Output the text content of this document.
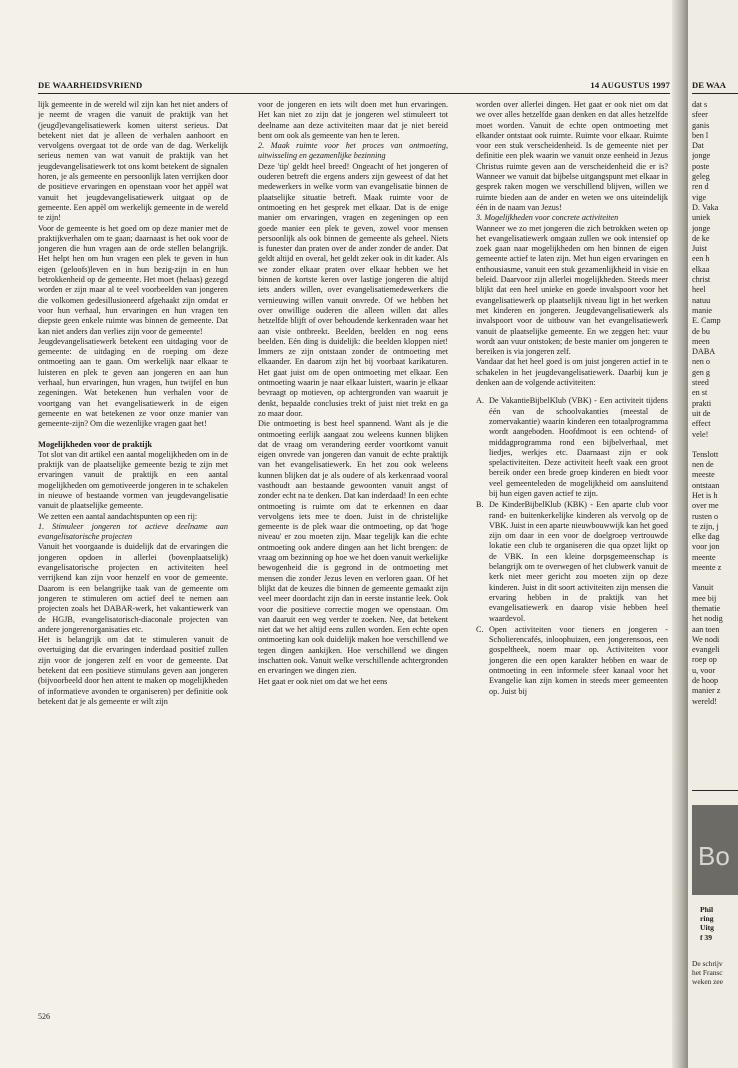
DE WAARHEIDSVRIEND	14 AUGUSTUS 1997

lijk gemeente in de wereld wil zijn kan het niet anders of je neemt de vragen die vanuit de praktijk van het (jeugd)evangelisatiewerk komen uiterst serieus. Dat betekent niet dat je alleen de verhalen aanhoort en vervolgens overgaat tot de orde van de dag. Werkelijk serieus nemen van wat vanuit de praktijk van het jeugdevangelisatiewerk tot ons komt betekent de signalen horen, je als gemeente en persoonlijk laten verrijken door de positieve ervaringen en openstaan voor het appèl wat vanuit het jeugdevangelisatiewerk uitgaat op de gemeente. Een appèl om werkelijk gemeente in de wereld te zijn!

Voor de gemeente is het goed om op deze manier met de praktijkverhalen om te gaan; daarnaast is het ook voor de jongeren die hun vragen aan de orde stellen belangrijk. Het helpt hen om hun vragen een plek te geven in hun eigen (geloofs)leven en in hun bezig-zijn in en hun betrokkenheid op de gemeente. Het moet (helaas) gezegd worden er zijn maar al te veel voorbeelden van jongeren die volkomen gedesillusioneerd afgehaakt zijn omdat er voor hun verhaal, hun ervaringen en hun vragen ten diepste geen enkele ruimte was binnen de gemeente. Dat kan niet anders dan verlies zijn voor de gemeente!

Jeugdevangelisatiewerk betekent een uitdaging voor de gemeente: de uitdaging en de roeping om deze ontmoeting aan te gaan. Om werkelijk naar elkaar te luisteren en plek te geven aan jongeren en aan hun verhaal, hun ervaringen, hun vragen, hun twijfel en hun zegeningen. Wat betekenen hun verhalen voor de voortgang van het evangelisatiewerk in de eigen gemeente en wat betekenen ze voor onze manier van gemeente-zijn? Om die wezenlijke vragen gaat het!

Mogelijkheden voor de praktijk

Tot slot van dit artikel een aantal mogelijkheden om in de praktijk van de plaatselijke gemeente bezig te zijn met ervaringen vanuit de praktijk en een aantal mogelijkheden om gemotiveerde jongeren in te schakelen in nieuwe of bestaande vormen van jeugdevangelisatie vanuit de plaatselijke gemeente.

We zetten een aantal aandachtspunten op een rij:

1. Stimuleer jongeren tot actieve deelname aan evangelisatorische projecten

Vanuit het voorgaande is duidelijk dat de ervaringen die jongeren opdoen in allerlei (bovenplaatselijk) evangelisatorische projecten en activiteiten heel verrijkend kan zijn voor henzelf en voor de gemeente. Daarom is een belangrijke taak van de gemeente om jongeren te stimuleren om actief deel te nemen aan projecten zoals het DABAR-werk, het vakantiewerk van de HGJB, evangelisatorisch-diaconale projecten van andere jongerenorganisaties etc.

Het is belangrijk om dat te stimuleren vanuit de overtuiging dat die ervaringen inderdaad positief zullen zijn voor de jongeren zelf en voor de gemeente. Dat betekent dat een positieve stimulans geven aan jongeren (bijvoorbeeld door hen attent te maken op mogelijkheden of informatieve avonden te organiseren) per definitie ook betekent dat je als gemeente er wilt zijn

voor de jongeren en iets wilt doen met hun ervaringen. Het kan niet zo zijn dat je jongeren wel stimuleert tot deelname aan deze activiteiten maar dat je niet bereid bent om ook als gemeente van hen te leren.

2. Maak ruimte voor het proces van ontmoeting, uitwisseling en gezamenlijke bezinning

Deze 'tip' geldt heel breed! Ongeacht of het jongeren of ouderen betreft die ergens anders zijn geweest of dat het medewerkers in welke vorm van evangelisatie binnen de plaatselijke situatie betreft. Maak ruimte voor de ontmoeting en het gesprek met elkaar. Dat is de enige manier om ervaringen, vragen en zegeningen op een goede manier een plek te geven, zowel voor mensen persoonlijk als ook binnen de gemeente als geheel. Niets is funester dan praten over de ander zonder de ander. Dat geldt altijd en overal, het geldt zeker ook in dit kader. Als we zonder elkaar praten over elkaar hebben we het binnen de kortste keren over lastige jongeren die altijd iets anders willen, over evangelisatiemedewerkers die vernieuwing willen vanuit onvrede. Of we hebben het over onwillige ouderen die alleen willen dat alles hetzelfde blijft of over behoudende kerkenraden waar het aan visie ontbreekt. Beelden, beelden en nog eens beelden. Eén ding is duidelijk: die beelden kloppen niet! Immers ze zijn ontstaan zonder de ontmoeting met elkaander. En daarom zijn het bij voorbaat karikaturen. Het gaat juist om de open ontmoeting met elkaar. Een ontmoeting waarin je naar elkaar luistert, waarin je elkaar bevraagt op motieven, op achtergronden van waaruit je denkt, bepaalde conclusies trekt of juist niet trekt en ga zo maar door.

Die ontmoeting is best heel spannend. Want als je die ontmoeting eerlijk aangaat zou weleens kunnen blijken dat de vraag om verandering eerder voortkomt vanuit eigen onvrede van jongeren dan vanuit de echte praktijk van het evangelisatiewerk. En het zou ook weleens kunnen blijken dat je als oudere of als kerkenraad vooral vasthoudt aan bestaande gewoonten vanuit angst of zonder echt na te denken. Dat kan inderdaad! In een echte ontmoeting is ruimte om dat te erkennen en daar vervolgens iets mee te doen. Juist in de christelijke gemeente is de plek waar die ontmoeting, op dat 'hoge niveau' er zou moeten zijn. Maar tegelijk kan die echte ontmoeting ook andere dingen aan het licht brengen: de vraag om bezinning op hoe we het doen vanuit werkelijke bewogenheid die is gegrond in de ontmoeting met mensen die zonder Jezus leven en verloren gaan. Of het blijkt dat de keuzes die binnen de gemeente gemaakt zijn veel meer doordacht zijn dan in eerste instantie leek. Ook voor die positieve correctie mogen we openstaan. Om van daaruit een weg verder te zoeken. Nee, dat betekent niet dat we het altijd eens zullen worden. Een echte open ontmoeting kan ook duidelijk maken hoe verschillend we tegen dingen aankijken. Hoe verschillend we dingen inschatten ook. Vanuit welke verschillende achtergronden en ervaringen we dingen zien.

Het gaat er ook niet om dat we het eens

worden over allerlei dingen. Het gaat er ook niet om dat we over alles hetzelfde gaan denken en dat alles hetzelfde moet worden. Vanuit de echte open ontmoeting met elkander ontstaat ook ruimte. Ruimte voor elkaar. Ruimte voor een stuk verscheidenheid. Is de gemeente niet per definitie een plek waarin we vanuit onze eenheid in Jezus Christus ruimte geven aan de verscheidenheid die er is? Wanneer we vanuit dat bijbelse uitgangspunt met elkaar in gesprek raken mogen we verschillend blijven, willen we ruimte bieden aan de ander en weten we ons uiteindelijk één in de naam van Jezus!

3. Mogelijkheden voor concrete activiteiten

Wanneer we zo met jongeren die zich betrokken weten op het evangelisatiewerk omgaan zullen we ook intensief op zoek gaan naar mogelijkheden om hen binnen de eigen gemeente actief te laten zijn. Met hun eigen ervaringen en enthousiasme, vanuit een stuk gezamenlijkheid in visie en beleid. Daarvoor zijn allerlei mogelijkheden. Steeds meer blijkt dat een heel unieke en goede invalspoort voor het evangelisatiewerk op plaatselijk niveau ligt in het werken met kinderen en jongeren. Jeugdevangelisatiewerk als invalspoort voor de uitbouw van het evangelisatiewerk vanuit de plaatselijke gemeente. En we zeggen het: vuur wordt aan vuur ontstoken; de beste manier om jongeren te bereiken is via jongeren zelf.

Vandaar dat het heel goed is om juist jongeren actief in te schakelen in het jeugdevangelisatiewerk. Daarbij kun je denken aan de volgende activiteiten:

A. De VakantieBijbelKlub (VBK) - Een activiteit tijdens één van de schoolvakanties (meestal de zomervakantie) waarin kinderen een totaalprogramma wordt aangeboden. Hoofdmoot is een ochtend- of middagprogramma rond een bijbelverhaal, met liedjes, werkjes etc. Daarnaast zijn er ook spelactiviteiten. Deze activiteit heeft vaak een groot bereik onder een brede groep kinderen en biedt voor veel gemeenteleden de mogelijkheid om aansluitend bij hun eigen gaven actief te zijn.
B. De KinderBijbelKlub (KBK) - Een aparte club voor rand- en buitenkerkelijke kinderen als vervolg op de VBK. Juist in een aparte nieuwbouwwijk kan het goed zijn om daar in een voor de doelgroep vertrouwde lokatie een club te organiseren die qua opzet lijkt op de VBK. In een kleine dorpsgemeenschap is belangrijk om te overwegen of het clubwerk vanuit de kerk niet meer gericht zou moeten zijn op deze kinderen. Juist in dit soort activiteiten zijn mensen die ervaring hebben in de praktijk van het evangelisatiewerk en daarop visie hebben heel waardevol.
C. Open activiteiten voor tieners en jongeren - Scholierencafés, inloophuizen, een jongerensoos, een gospeltheek, noem maar op. Activiteiten voor jongeren die een open karakter hebben en waar de ontmoeting in een informele sfeer kanaal voor het Evangelie kan zijn komen in steeds meer gemeenten op. Juist bij
526
DE WAA

dat s

sfeer

ganis

ben l

Dat

jonge

poste

geleg

ren d

vige

D. Vaka

uniek

jonge

de ke

Juist

een h

elkaa

christ

heel

natuu

manie

E. Camp

de bu

meen

DABA

nen o

gen g

steed

en st

prakti

uit de

effect

vele!

Tenslott

nen de

meeste

ontstaan

Het is h

over me

rusten o

te zijn, j

elke dag

voor jon

meente

meente z

Vanuit

mee bij

thematie

het nodig

aan toen

We nodi

evangeli

roep op

u, voor

de hoop

manier z

wereld!

Bo
Phil
ring
Uitg
f 39
De schrijv
het Fransc
weken zee
